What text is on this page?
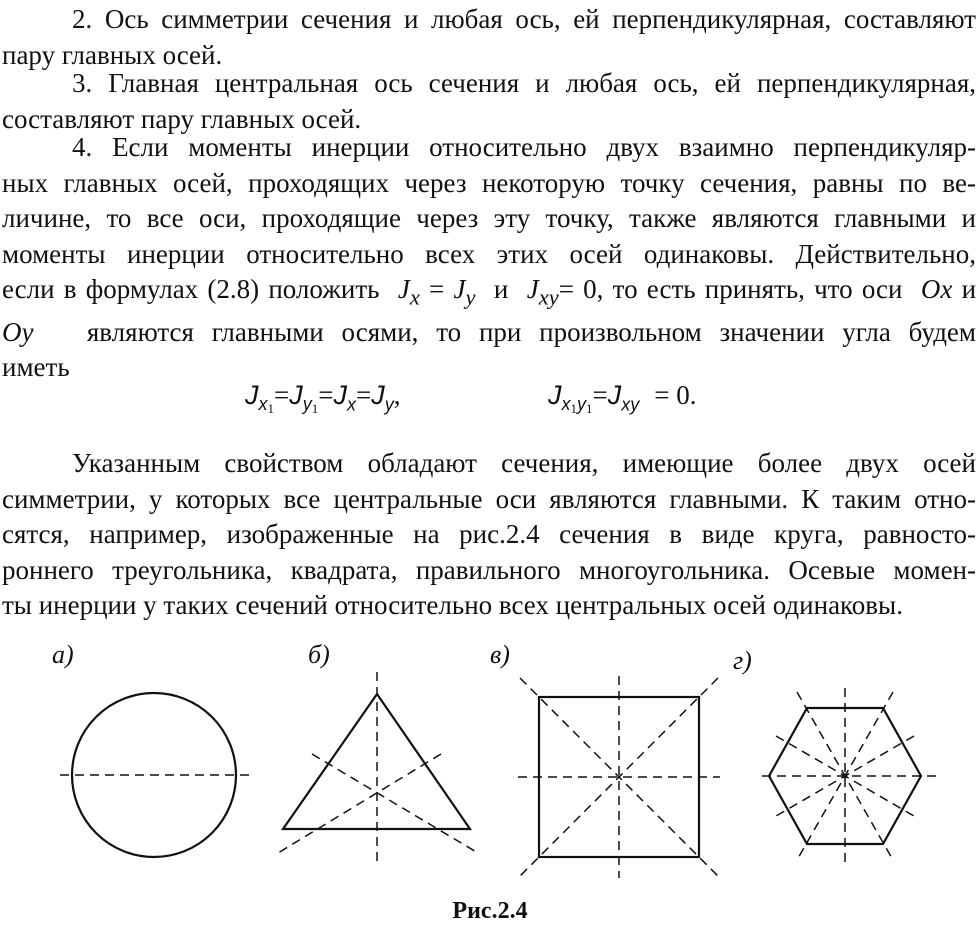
2. Ось симметрии сечения и любая ось, ей перпендикулярная, составляют
пару главных осей.
3. Главная центральная ось сечения и любая ось, ей перпендикулярная,
составляют пару главных осей.
4. Если моменты инерции относительно двух взаимно перпендикуляр-
ных главных осей, проходящих через некоторую точку сечения, равны по ве-
личине, то все оси, проходящие через эту точку, также являются главными и
моменты инерции относительно всех этих осей одинаковы. Действительно,
если в формулах (2.8) положить $J_x = J_y$ и $J_{xy}= 0$, то есть принять, что оси Ox и
Oy являются главными осями, то при произвольном значении угла будем
иметь
$J_{x_1}=J_{y_1}=J_x=J_y$,	$J_{x_1y_1}=J_{xy} = 0$.
Указанным свойством обладают сечения, имеющие более двух осей
симметрии, у которых все центральные оси являются главными. К таким отно-
сятся, например, изображенные на рис.2.4 сечения в виде круга, равносто-
роннего треугольника, квадрата, правильного многоугольника. Осевые момен-
ты инерции у таких сечений относительно всех центральных осей одинаковы.
а)	б)	в)	г)
Рис.2.4
